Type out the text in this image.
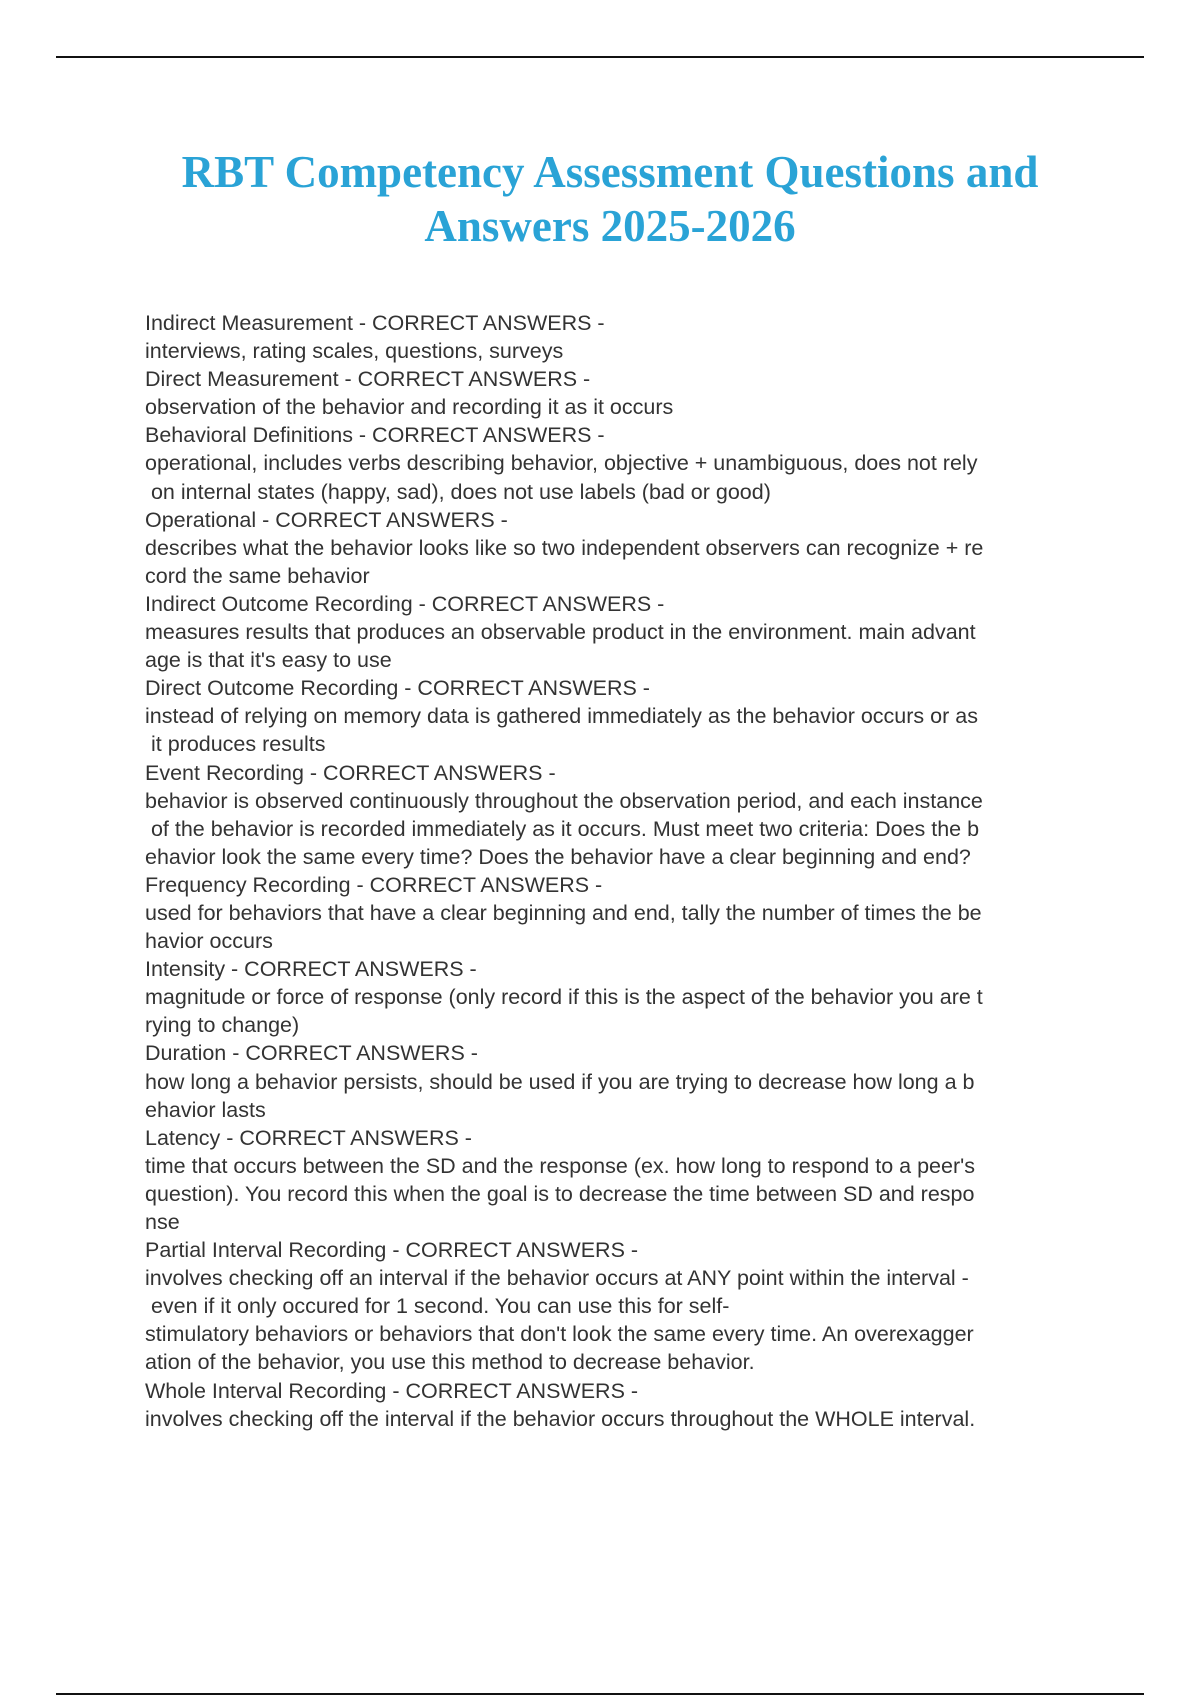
RBT Competency Assessment Questions and
Answers 2025-2026
Indirect Measurement - CORRECT ANSWERS -
interviews, rating scales, questions, surveys
Direct Measurement - CORRECT ANSWERS -
observation of the behavior and recording it as it occurs
Behavioral Definitions - CORRECT ANSWERS -
operational, includes verbs describing behavior, objective + unambiguous, does not rely
on internal states (happy, sad), does not use labels (bad or good)
Operational - CORRECT ANSWERS -
describes what the behavior looks like so two independent observers can recognize + re
cord the same behavior
Indirect Outcome Recording - CORRECT ANSWERS -
measures results that produces an observable product in the environment. main advant
age is that it's easy to use
Direct Outcome Recording - CORRECT ANSWERS -
instead of relying on memory data is gathered immediately as the behavior occurs or as
it produces results
Event Recording - CORRECT ANSWERS -
behavior is observed continuously throughout the observation period, and each instance
of the behavior is recorded immediately as it occurs. Must meet two criteria: Does the b
ehavior look the same every time? Does the behavior have a clear beginning and end?
Frequency Recording - CORRECT ANSWERS -
used for behaviors that have a clear beginning and end, tally the number of times the be
havior occurs
Intensity - CORRECT ANSWERS -
magnitude or force of response (only record if this is the aspect of the behavior you are t
rying to change)
Duration - CORRECT ANSWERS -
how long a behavior persists, should be used if you are trying to decrease how long a b
ehavior lasts
Latency - CORRECT ANSWERS -
time that occurs between the SD and the response (ex. how long to respond to a peer's
question). You record this when the goal is to decrease the time between SD and respo
nse
Partial Interval Recording - CORRECT ANSWERS -
involves checking off an interval if the behavior occurs at ANY point within the interval -
even if it only occured for 1 second. You can use this for self-
stimulatory behaviors or behaviors that don't look the same every time. An overexagger
ation of the behavior, you use this method to decrease behavior.
Whole Interval Recording - CORRECT ANSWERS -
involves checking off the interval if the behavior occurs throughout the WHOLE interval.
